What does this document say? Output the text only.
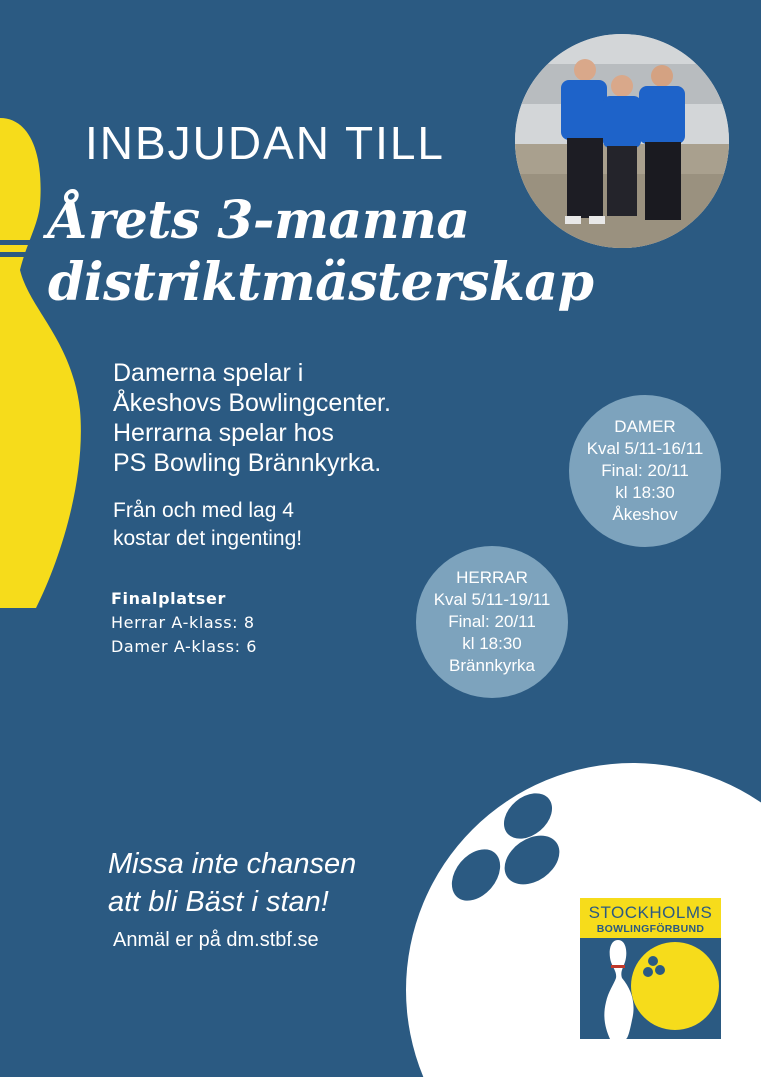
INBJUDAN TILL
Årets 3-manna
distriktmästerskap
Damerna spelar i
Åkeshovs Bowlingcenter.
Herrarna spelar hos
PS Bowling Brännkyrka.
Från och med lag 4
kostar det ingenting!
Finalplatser
Herrar A-klass: 8
Damer A-klass: 6
DAMER
Kval 5/11-16/11
Final: 20/11
kl 18:30
Åkeshov
HERRAR
Kval 5/11-19/11
Final: 20/11
kl 18:30
Brännkyrka
Missa inte chansen
att bli Bäst i stan!
Anmäl er på dm.stbf.se
STOCKHOLMS
BOWLINGFÖRBUND
